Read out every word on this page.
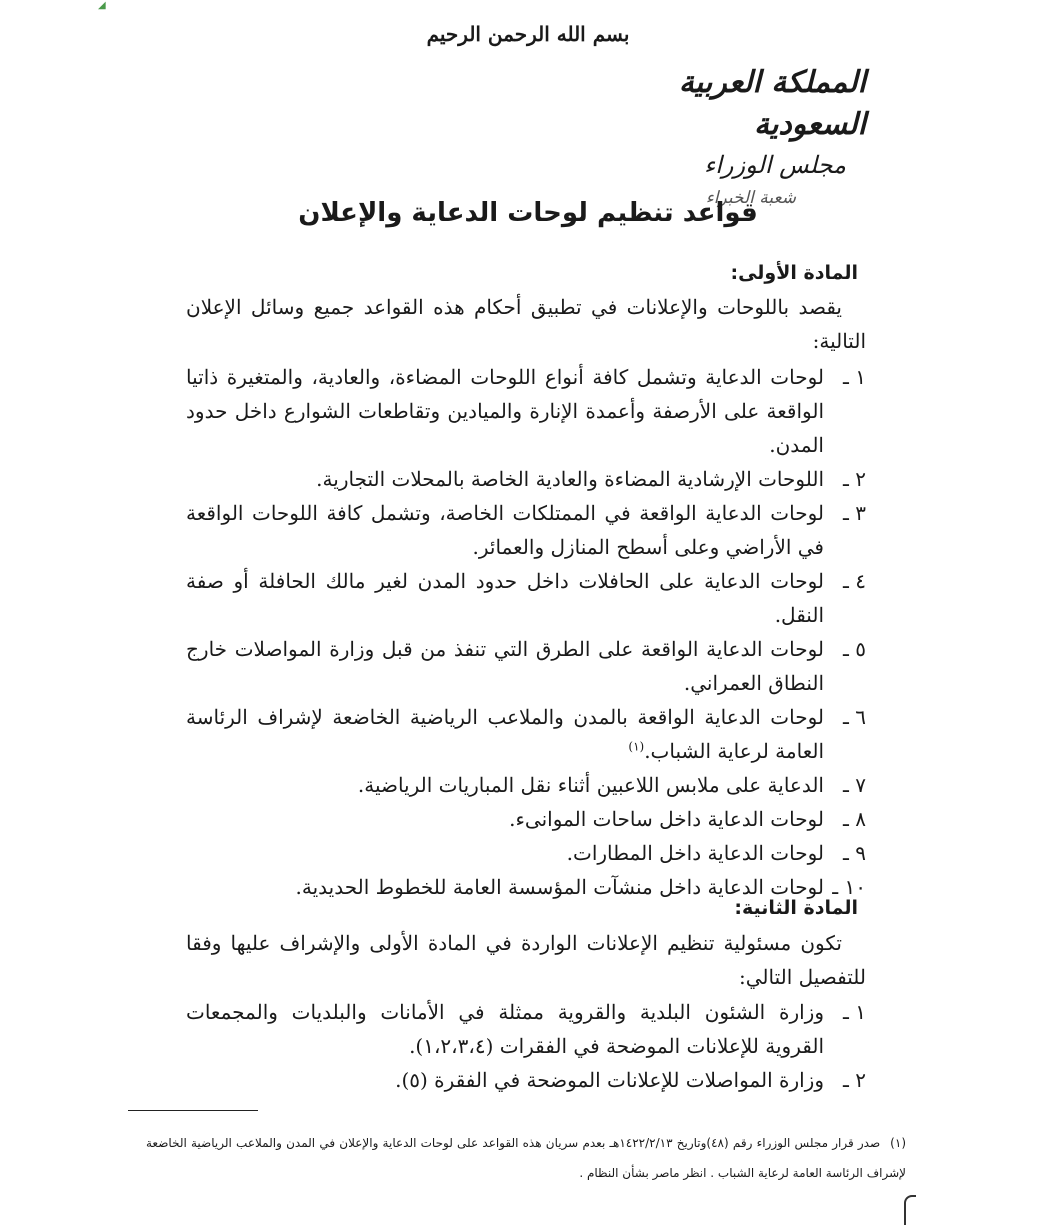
◢
بسم الله الرحمن الرحيم
المملكة العربية السعودية
مجلس الوزراء
شعبة الخبراء
قواعد تنظيم لوحات الدعاية والإعلان
المادة الأولى:

يقصد باللوحات والإعلانات في تطبيق أحكام هذه القواعد جميع وسائل الإعلان التالية:

١ ـ
لوحات الدعاية وتشمل كافة أنواع اللوحات المضاءة، والعادية، والمتغيرة ذاتيا الواقعة على الأرصفة وأعمدة الإنارة والميادين وتقاطعات الشوارع داخل حدود المدن.
٢ ـ
اللوحات الإرشادية المضاءة والعادية الخاصة بالمحلات التجارية.
٣ ـ
لوحات الدعاية الواقعة في الممتلكات الخاصة، وتشمل كافة اللوحات الواقعة في الأراضي وعلى أسطح المنازل والعمائر.
٤ ـ
لوحات الدعاية على الحافلات داخل حدود المدن لغير مالك الحافلة أو صفة النقل.
٥ ـ
لوحات الدعاية الواقعة على الطرق التي تنفذ من قبل وزارة المواصلات خارج النطاق العمراني.
٦ ـ
لوحات الدعاية الواقعة بالمدن والملاعب الرياضية الخاضعة لإشراف الرئاسة العامة لرعاية الشباب.$^{(١)}$
٧ ـ
الدعاية على ملابس اللاعبين أثناء نقل المباريات الرياضية.
٨ ـ
لوحات الدعاية داخل ساحات الموانىء.
٩ ـ
لوحات الدعاية داخل المطارات.
١٠ ـ
لوحات الدعاية داخل منشآت المؤسسة العامة للخطوط الحديدية.
المادة الثانية:

تكون مسئولية تنظيم الإعلانات الواردة في المادة الأولى والإشراف عليها وفقا للتفصيل التالي:

١ ـ
وزارة الشئون البلدية والقروية ممثلة في الأمانات والبلديات والمجمعات القروية للإعلانات الموضحة في الفقرات (١،٢،٣،٤).
٢ ـ
وزارة المواصلات للإعلانات الموضحة في الفقرة (٥).
(١)صدر قرار مجلس الوزراء رقم (٤٨)وتاريخ ١٤٢٢/٢/١٣هـ بعدم سريان هذه القواعد على لوحات الدعاية والإعلان في المدن والملاعب الرياضية الخاضعة لإشراف الرئاسة العامة لرعاية الشباب . انظر ماصر بشأن النظام .
